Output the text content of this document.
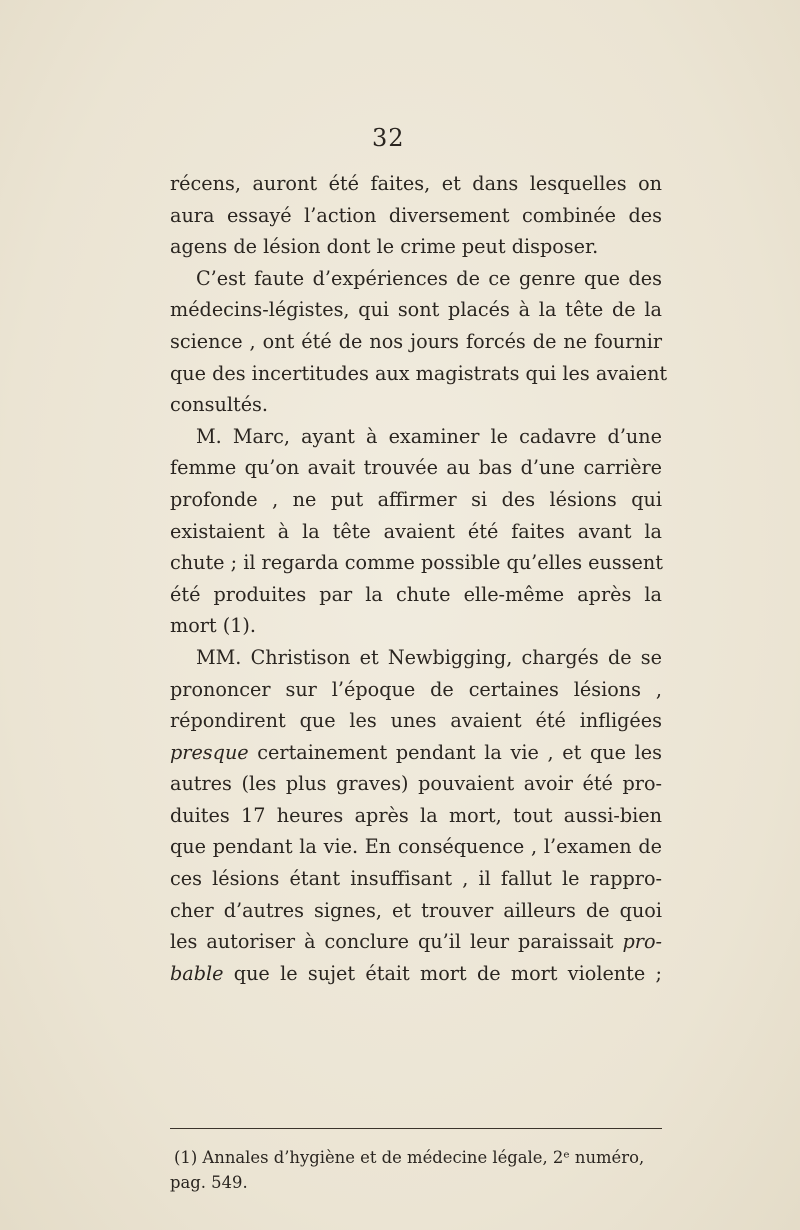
32
récens, auront été faites, et dans lesquelles on
aura essayé l’action diversement combinée des
agens de lésion dont le crime peut disposer.
C’est faute d’expériences de ce genre que des
médecins-légistes, qui sont placés à la tête de la
science , ont été de nos jours forcés de ne fournir
que des incertitudes aux magistrats qui les avaient
consultés.
M. Marc, ayant à examiner le cadavre d’une
femme qu’on avait trouvée au bas d’une carrière
profonde , ne put affirmer si des lésions qui
existaient à la tête avaient été faites avant la
chute ; il regarda comme possible qu’elles eussent
été produites par la chute elle-même après la
mort (1).
MM. Christison et Newbigging, chargés de se
prononcer sur l’époque de certaines lésions ,
répondirent que les unes avaient été infligées
presque certainement pendant la vie , et que les
autres (les plus graves) pouvaient avoir été pro-
duites 17 heures après la mort, tout aussi-bien
que pendant la vie. En conséquence , l’examen de
ces lésions étant insuffisant , il fallut le rappro-
cher d’autres signes, et trouver ailleurs de quoi
les autoriser à conclure qu’il leur paraissait pro-
bable que le sujet était mort de mort violente ;
(1) Annales d’hygiène et de médecine légale, 2ᵉ numéro,
pag. 549.
